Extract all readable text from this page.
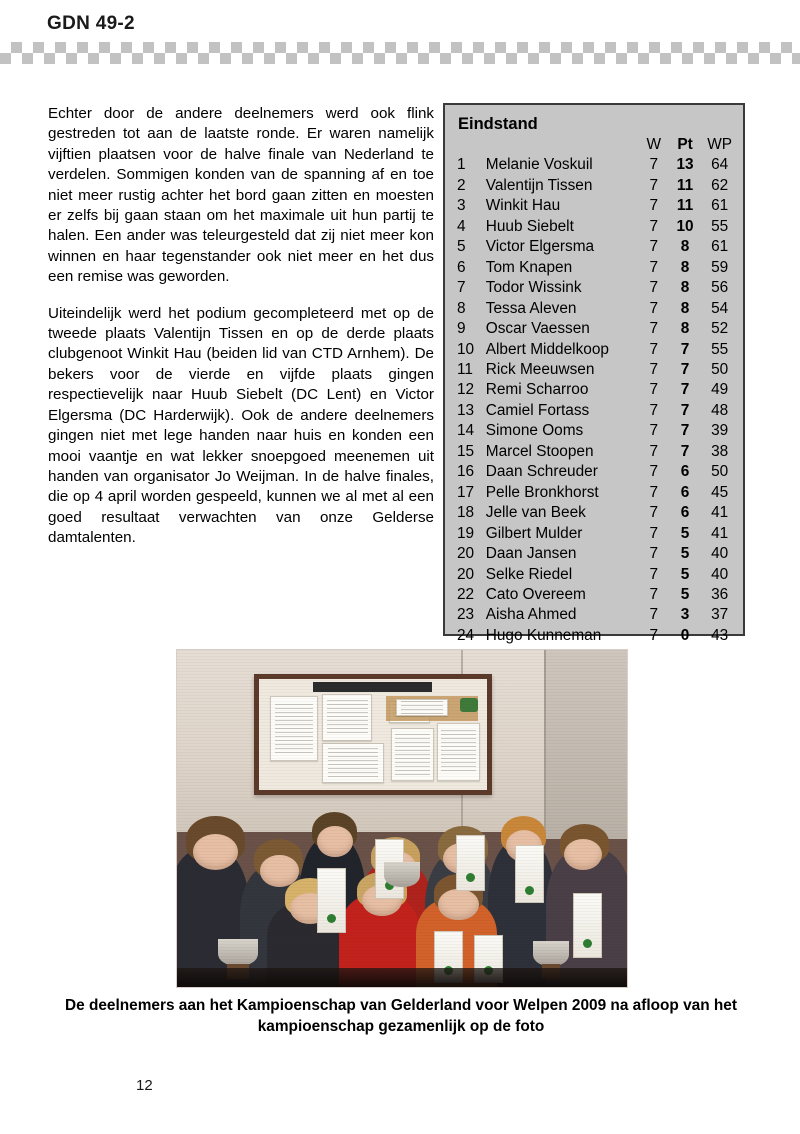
GDN 49-2

Echter door de andere deelnemers werd ook flink gestreden tot aan de laatste ronde. Er waren namelijk vijftien plaatsen voor de halve finale van Nederland te verdelen. Sommigen konden van de spanning af en toe niet meer rustig achter het bord gaan zitten en moesten er zelfs bij gaan staan om het maximale uit hun partij te halen. Een ander was teleurgesteld dat zij niet meer kon winnen en haar tegenstander ook niet meer en het dus een remise was geworden.

Uiteindelijk werd het podium gecompleteerd met op de tweede plaats Valentijn Tissen en op de derde plaats clubgenoot Winkit Hau (beiden lid van CTD Arnhem). De bekers voor de vierde en vijfde plaats gingen respectievelijk naar Huub Siebelt (DC Lent) en Victor Elgersma (DC Harderwijk). Ook de andere deelnemers gingen niet met lege handen naar huis en konden een mooi vaantje en wat lekker snoepgoed meenemen uit handen van organisator Jo Weijman. In de halve finales, die op 4 april worden gespeeld, kunnen we al met al een goed resultaat verwachten van onze Gelderse damtalenten.

Eindstand
		W	Pt	WP
1	Melanie Voskuil	7	13	64
2	Valentijn Tissen	7	11	62
3	Winkit Hau	7	11	61
4	Huub Siebelt	7	10	55
5	Victor Elgersma	7	8	61
6	Tom Knapen	7	8	59
7	Todor Wissink	7	8	56
8	Tessa Aleven	7	8	54
9	Oscar Vaessen	7	8	52
10	Albert Middelkoop	7	7	55
11	Rick Meeuwsen	7	7	50
12	Remi Scharroo	7	7	49
13	Camiel Fortass	7	7	48
14	Simone Ooms	7	7	39
15	Marcel Stoopen	7	7	38
16	Daan Schreuder	7	6	50
17	Pelle Bronkhorst	7	6	45
18	Jelle van Beek	7	6	41
19	Gilbert Mulder	7	5	41
20	Daan Jansen	7	5	40
20	Selke Riedel	7	5	40
22	Cato Overeem	7	5	36
23	Aisha Ahmed	7	3	37
24	Hugo Kunneman	7	0	43
De deelnemers aan het Kampioenschap van Gelderland voor Welpen 2009 na afloop van het kampioenschap gezamenlijk op de foto
12
